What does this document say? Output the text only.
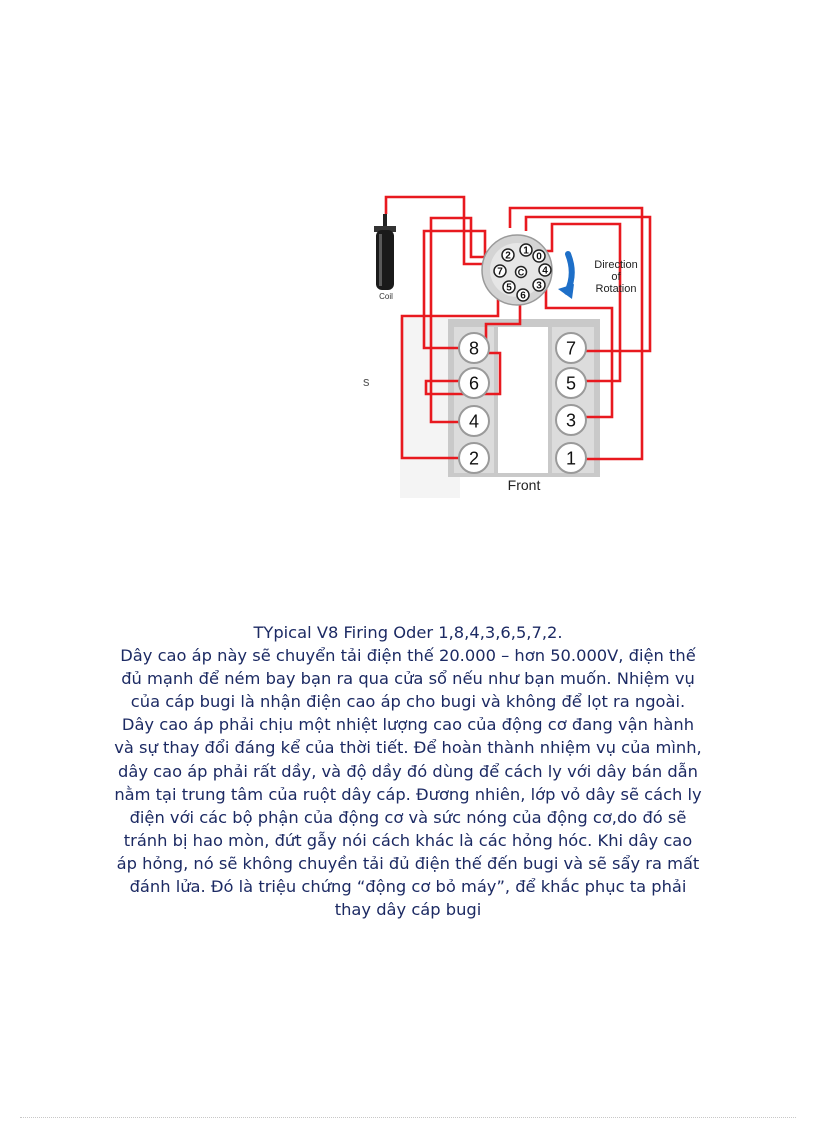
Coil
1
0
4
3
6
5
7
2
C
Direction
of
Rotation
8
6
4
2
7
5
3
1
Front
s
TYpical V8 Firing Oder 1,8,4,3,6,5,7,2.
Dây cao áp này sẽ chuyển tải điện thế 20.000 – hơn 50.000V, điện thế
đủ mạnh để ném bay bạn ra qua cửa sổ nếu như bạn muốn. Nhiệm vụ
của cáp bugi là nhận điện cao áp cho bugi và không để lọt ra ngoài.
Dây cao áp phải chịu một nhiệt lượng cao của động cơ đang vận hành
và sự thay đổi đáng kể của thời tiết. Để hoàn thành nhiệm vụ của mình,
dây cao áp phải rất dầy, và độ dầy đó dùng để cách ly với dây bán dẫn
nằm tại trung tâm của ruột dây cáp. Đương nhiên, lớp vỏ dây sẽ cách ly
điện với các bộ phận của động cơ và sức nóng của động cơ,do đó sẽ
tránh bị hao mòn, đứt gẫy nói cách khác là các hỏng hóc. Khi dây cao
áp hỏng, nó sẽ không chuyền tải đủ điện thế đến bugi và sẽ sẩy ra mất
đánh lửa. Đó là triệu chứng “động cơ bỏ máy”, để khắc phục ta phải
thay dây cáp bugi
